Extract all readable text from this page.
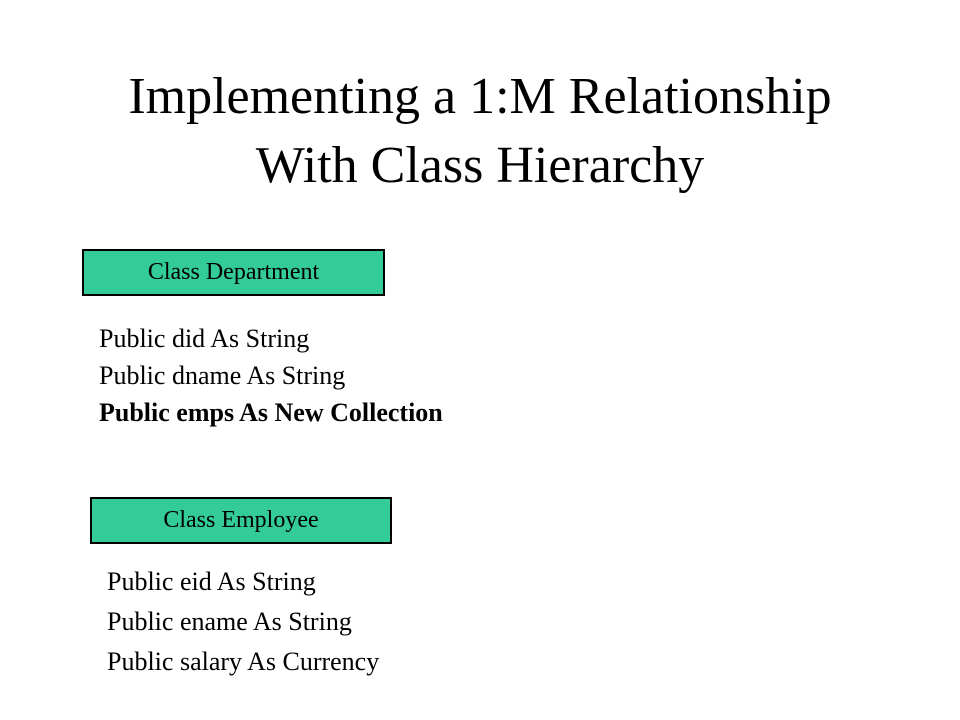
Implementing a 1:M Relationship
With Class Hierarchy
Class Department
Public did As String
Public dname As String
Public emps As New Collection
Class Employee
Public eid As String
Public ename As String
Public salary As Currency
